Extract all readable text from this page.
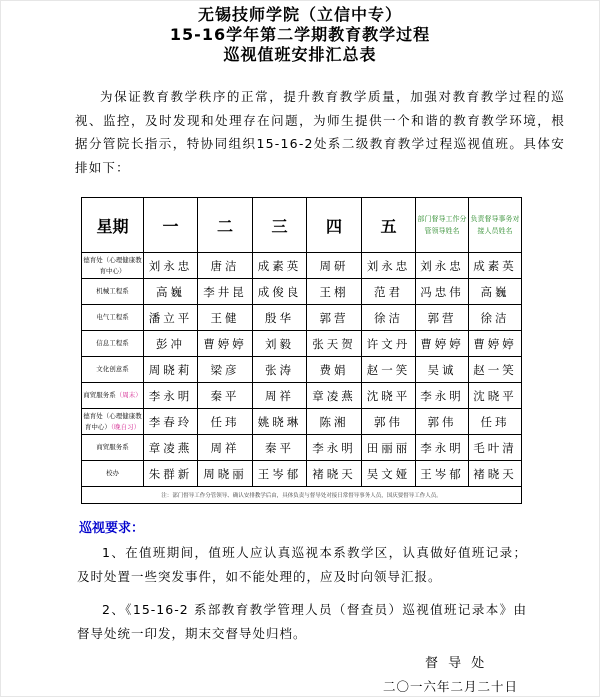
无锡技师学院（立信中专）
15-16学年第二学期教育教学过程
巡视值班安排汇总表
为保证教育教学秩序的正常，提升教育教学质量，加强对教育教学过程的巡视、监控，及时发现和处理存在问题，为师生提供一个和谐的教育教学环境，根据分管院长指示，特协同组织15-16-2处系二级教育教学过程巡视值班。具体安排如下：
星期	一	二	三	四	五	部门督导工作分管领导姓名	负责督导事务对接人员姓名
德育处（心理健康教育中心）	刘永忠	唐洁	成素英	周研	刘永忠	刘永忠	成素英
机械工程系	高巍	李井昆	成俊良	王栩	范君	冯忠伟	高巍
电气工程系	潘立平	王健	殷华	郭营	徐洁	郭营	徐洁
信息工程系	彭冲	曹婷婷	刘毅	张天贺	许文丹	曹婷婷	曹婷婷
文化创意系	周晓莉	梁彦	张涛	费娟	赵一笑	吴诚	赵一笑
商贸服务系（周末）	李永明	秦平	周祥	章凌燕	沈晓平	李永明	沈晓平
德育处（心理健康教育中心）（晚自习）	李春玲	任玮	姚晓琳	陈湘	郭伟	郭伟	任玮
商贸服务系	章凌燕	周祥	秦平	李永明	田丽丽	李永明	毛叶清
校办	朱群新	周晓丽	王岑郁	褚晓天	吴文娅	王岑郁	褚晓天
注：部门督导工作分管领导、确认安排教学后由，具体负责与督导处对接日常督导事务人员，国庆要督导工作人员。							
巡视要求：
1、在值班期间，值班人应认真巡视本系教学区，认真做好值班记录；及时处置一些突发事件，如不能处理的，应及时向领导汇报。
2、《15-16-2 系部教育教学管理人员（督查员）巡视值班记录本》由督导处统一印发，期末交督导处归档。
督 导 处
二〇一六年二月二十日
